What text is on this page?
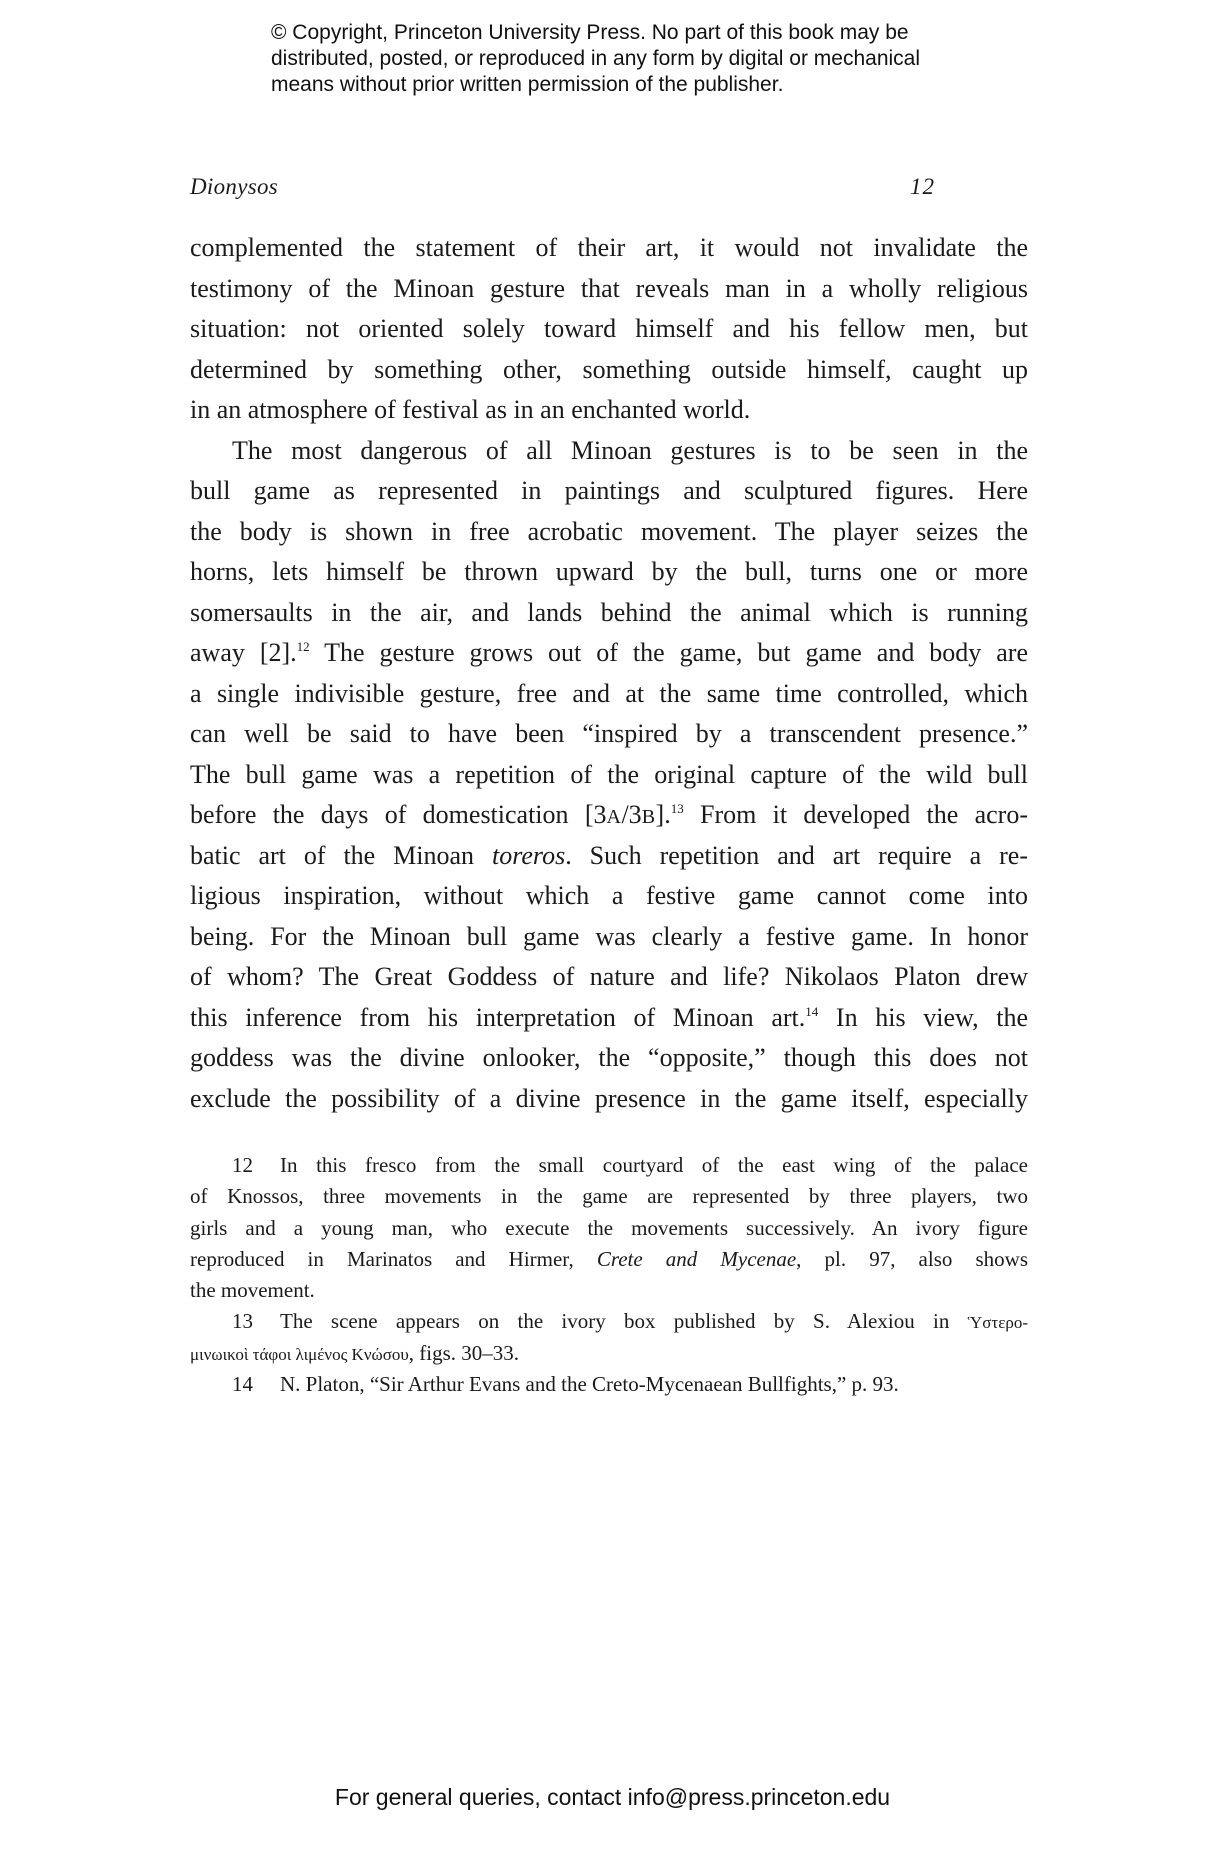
© Copyright, Princeton University Press. No part of this book may be
distributed, posted, or reproduced in any form by digital or mechanical
means without prior written permission of the publisher.
Dionysos	12
complemented the statement of their art, it would not invalidate the
testimony of the Minoan gesture that reveals man in a wholly religious
situation: not oriented solely toward himself and his fellow men, but
determined by something other, something outside himself, caught up
in an atmosphere of festival as in an enchanted world.
The most dangerous of all Minoan gestures is to be seen in the
bull game as represented in paintings and sculptured figures. Here
the body is shown in free acrobatic movement. The player seizes the
horns, lets himself be thrown upward by the bull, turns one or more
somersaults in the air, and lands behind the animal which is running
away [2].$^{12}$ The gesture grows out of the game, but game and body are
a single indivisible gesture, free and at the same time controlled, which
can well be said to have been “inspired by a transcendent presence.”
The bull game was a repetition of the original capture of the wild bull
before the days of domestication [3A/3B].$^{13}$ From it developed the acro-
batic art of the Minoan toreros. Such repetition and art require a re-
ligious inspiration, without which a festive game cannot come into
being. For the Minoan bull game was clearly a festive game. In honor
of whom? The Great Goddess of nature and life? Nikolaos Platon drew
this inference from his interpretation of Minoan art.$^{14}$ In his view, the
goddess was the divine onlooker, the “opposite,” though this does not
exclude the possibility of a divine presence in the game itself, especially
12 In this fresco from the small courtyard of the east wing of the palace
of Knossos, three movements in the game are represented by three players, two
girls and a young man, who execute the movements successively. An ivory figure
reproduced in Marinatos and Hirmer, Crete and Mycenae, pl. 97, also shows
the movement.
13 The scene appears on the ivory box published by S. Alexiou in Ὑστερο-
μινωικοὶ τάφοι λιμένος Κνώσου, figs. 30–33.
14 N. Platon, “Sir Arthur Evans and the Creto-Mycenaean Bullfights,” p. 93.
For general queries, contact info@press.princeton.edu
